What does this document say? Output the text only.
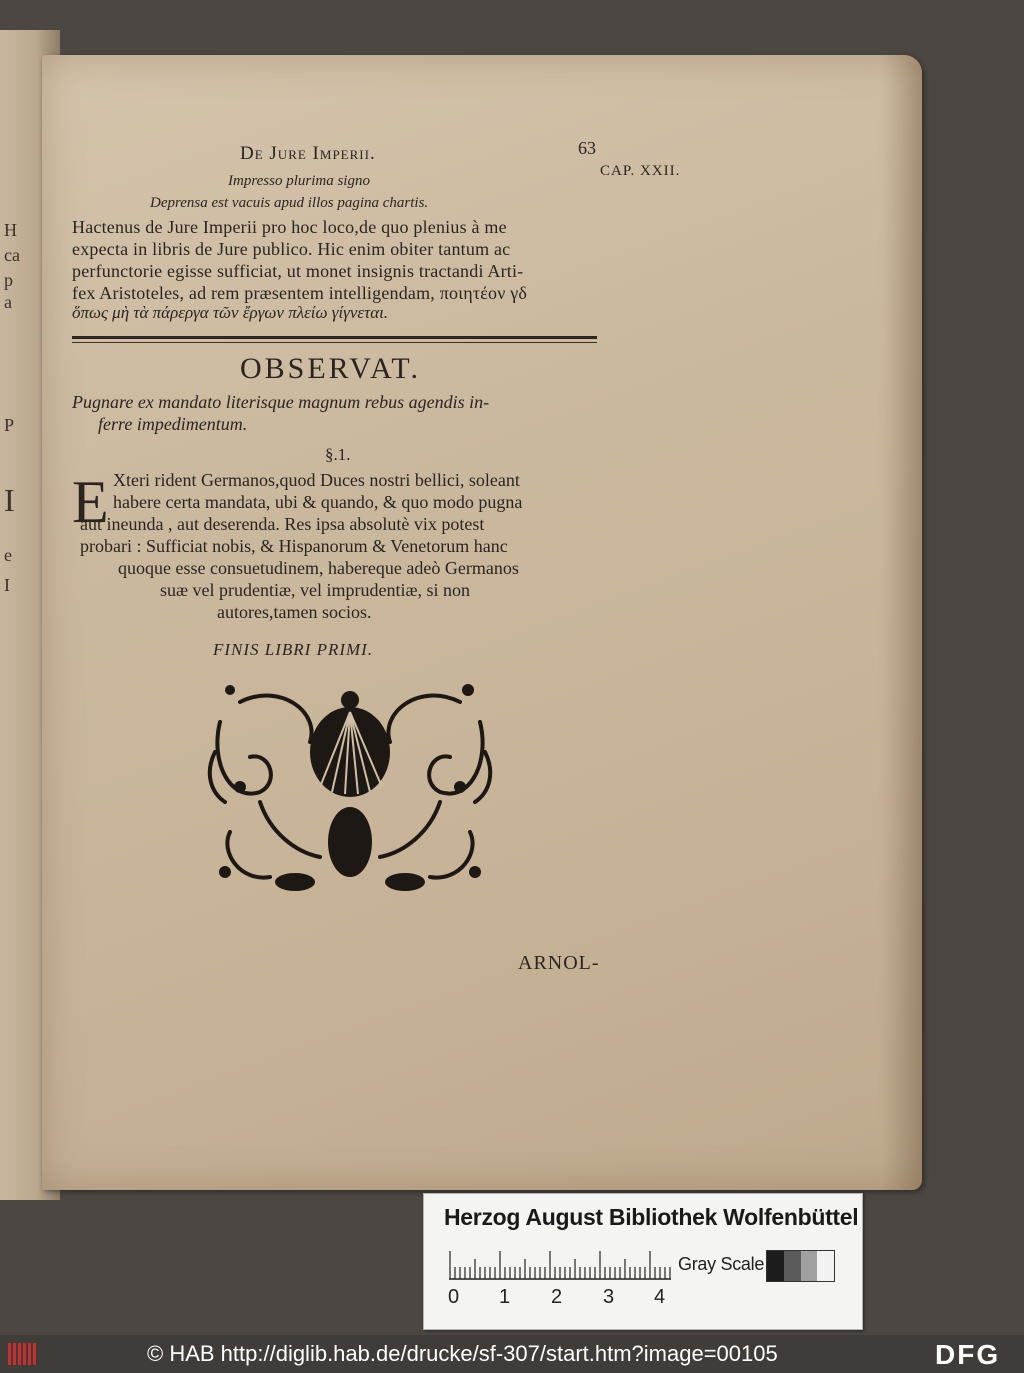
H
ca
p
a
P
I
e
I
De Jure Imperii.	63
CAP. XXII.
Impresso plurima signo
Deprensa est vacuis apud illos pagina chartis.
Hactenus de Jure Imperii pro hoc loco,de quo plenius à me
expecta in libris de Jure publico. Hic enim obiter tantum ac
perfunctorie egisse sufficiat, ut monet insignis tractandi Arti-
fex Aristoteles, ad rem præsentem intelligendam, ποιητέον γδ
ὅπως μὴ τὰ πάρεργα τῶν ἔργων πλείω γίγνεται.
OBSERVAT.
Pugnare ex mandato literisque magnum rebus agendis in-
ferre impedimentum.
§.1.
E Xteri rident Germanos,quod Duces nostri bellici, soleant
habere certa mandata, ubi & quando, & quo modo pugna
aut ineunda , aut deserenda. Res ipsa absolutè vix potest
probari : Sufficiat nobis, & Hispanorum & Venetorum hanc
quoque esse consuetudinem, habereque adeò Germanos
suæ vel prudentiæ, vel imprudentiæ, si non
autores,tamen socios.
FINIS LIBRI PRIMI.
ARNOL-
Herzog August Bibliothek Wolfenbüttel
0 1 2 3 4
Gray Scale
© HAB http://diglib.hab.de/drucke/sf-307/start.htm?image=00105	DFG
